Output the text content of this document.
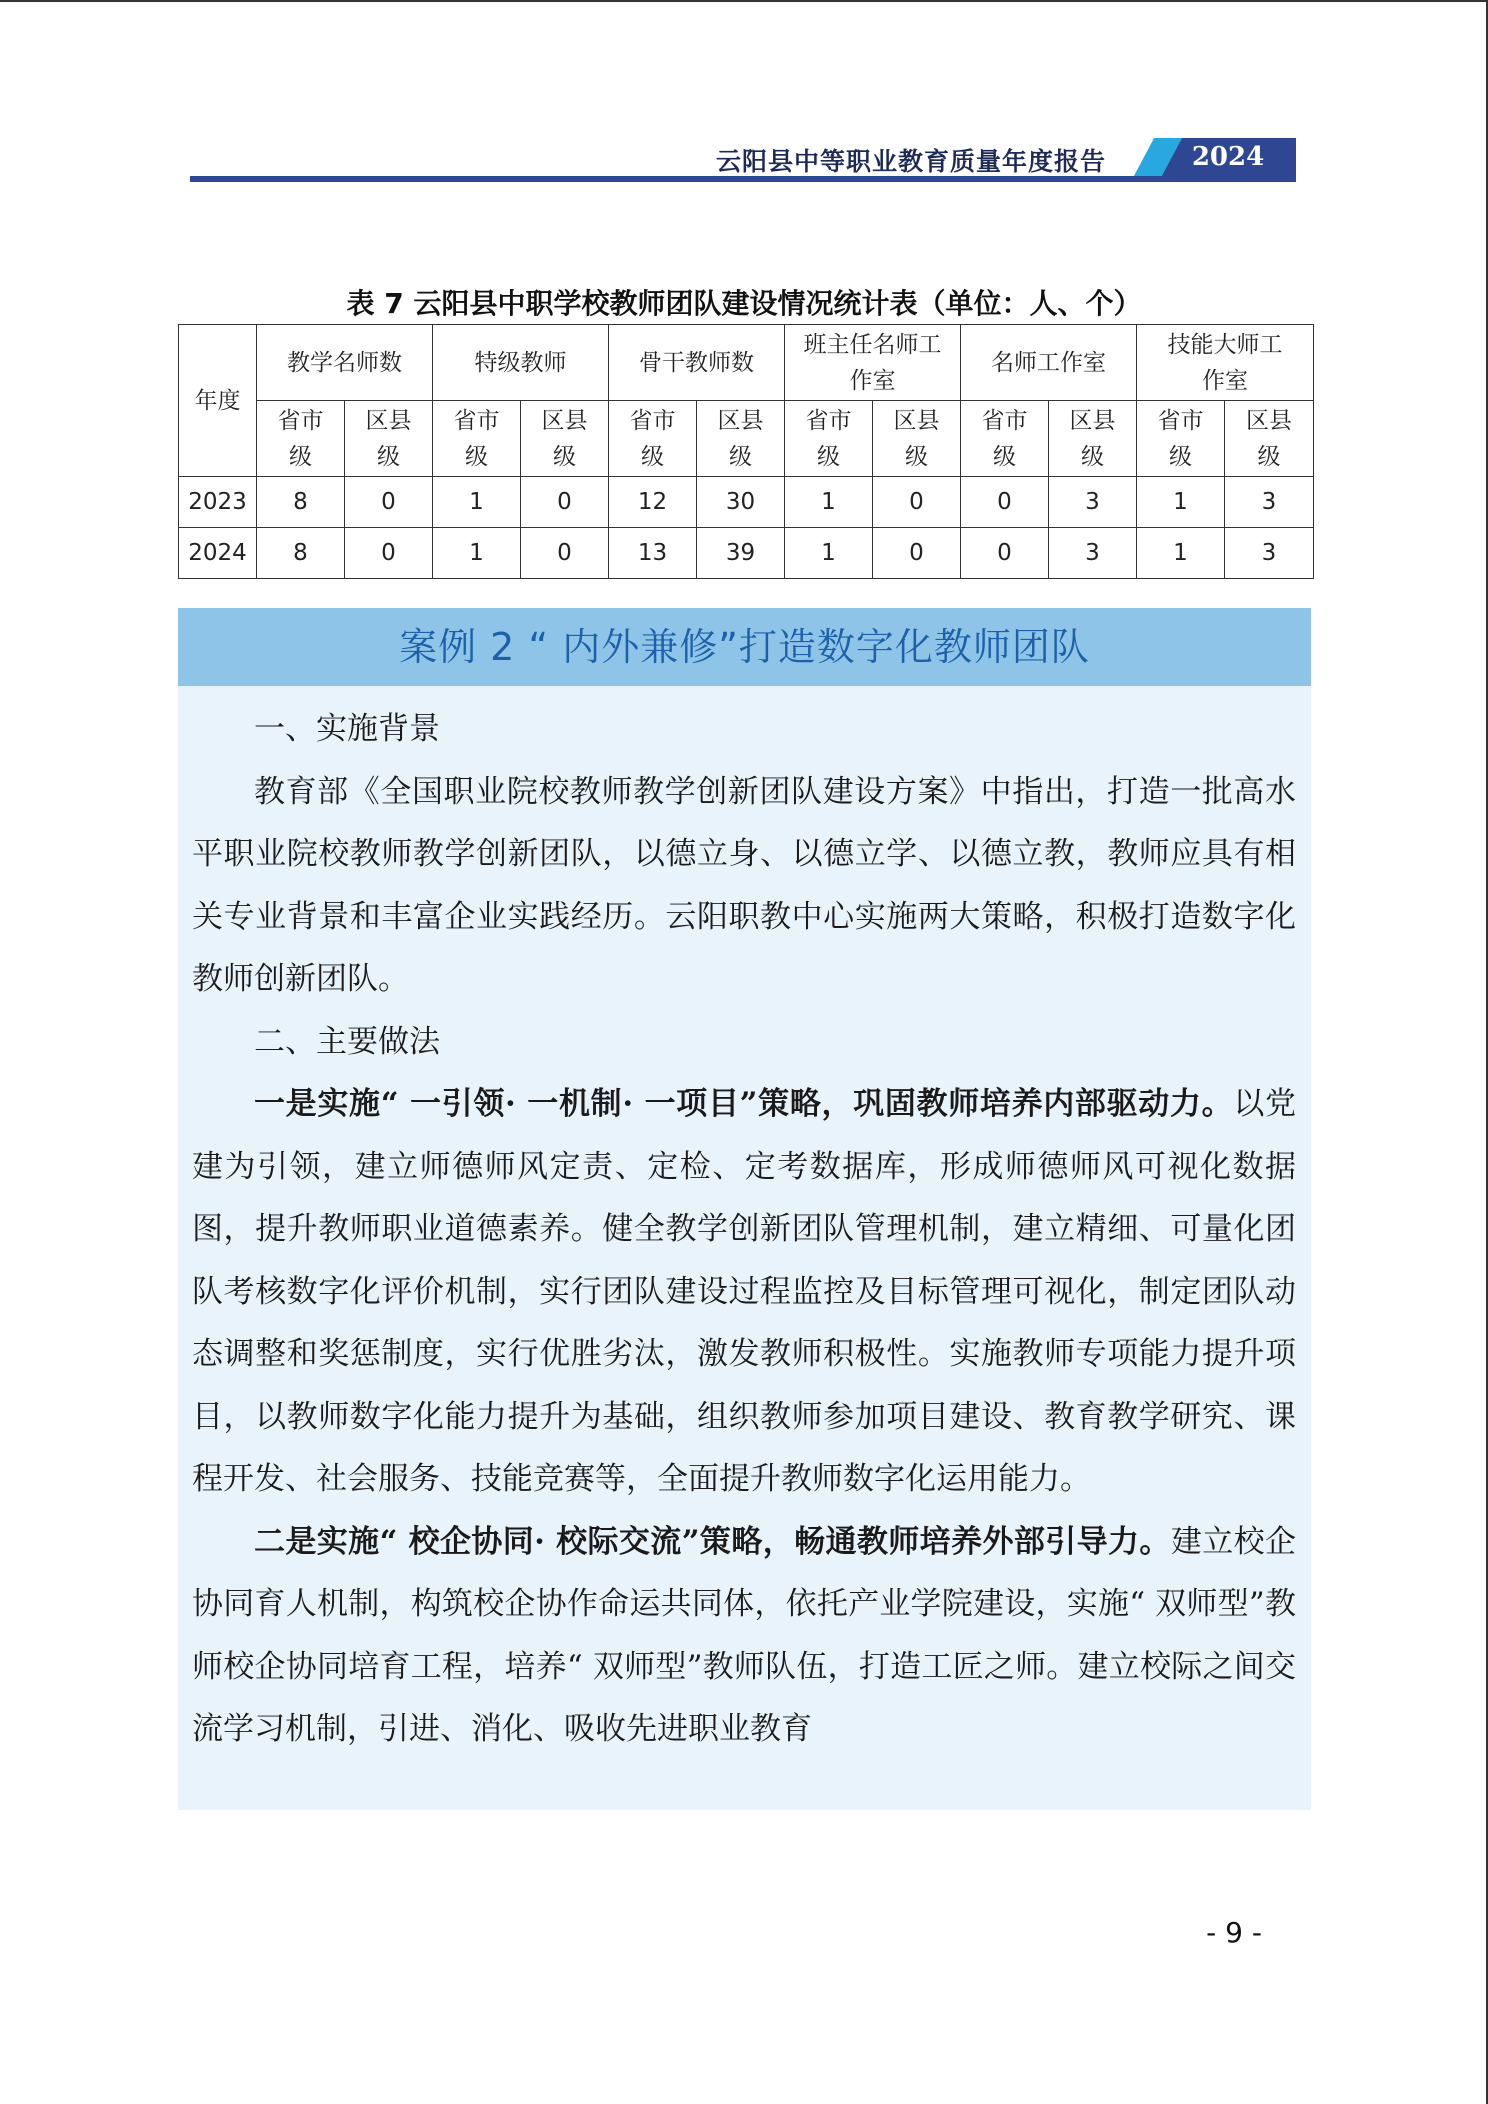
云阳县中等职业教育质量年度报告	2024
表 7 云阳县中职学校教师团队建设情况统计表（单位：人、个）
年度	教学名师数		特级教师		骨干教师数		班主任名师工作室		名师工作室		技能大师工作室	
	省市级	区县级	省市级	区县级	省市级	区县级	省市级	区县级	省市级	区县级	省市级	区县级
2023	8	0	1	0	12	30	1	0	0	3	1	3
2024	8	0	1	0	13	39	1	0	0	3	1	3
案例 2 “ 内外兼修”打造数字化教师团队

一、实施背景

教育部《全国职业院校教师教学创新团队建设方案》中指出，打造一批高水平职业院校教师教学创新团队，以德立身、以德立学、以德立教，教师应具有相关专业背景和丰富企业实践经历。云阳职教中心实施两大策略，积极打造数字化教师创新团队。

二、主要做法

一是实施“ 一引领· 一机制· 一项目”策略，巩固教师培养内部驱动力。以党建为引领，建立师德师风定责、定检、定考数据库，形成师德师风可视化数据图，提升教师职业道德素养。健全教学创新团队管理机制，建立精细、可量化团队考核数字化评价机制，实行团队建设过程监控及目标管理可视化，制定团队动态调整和奖惩制度，实行优胜劣汰，激发教师积极性。实施教师专项能力提升项目，以教师数字化能力提升为基础，组织教师参加项目建设、教育教学研究、课程开发、社会服务、技能竞赛等，全面提升教师数字化运用能力。

二是实施“ 校企协同· 校际交流”策略，畅通教师培养外部引导力。建立校企协同育人机制，构筑校企协作命运共同体，依托产业学院建设，实施“ 双师型”教师校企协同培育工程，培养“ 双师型”教师队伍，打造工匠之师。建立校际之间交流学习机制，引进、消化、吸收先进职业教育

- 9 -
